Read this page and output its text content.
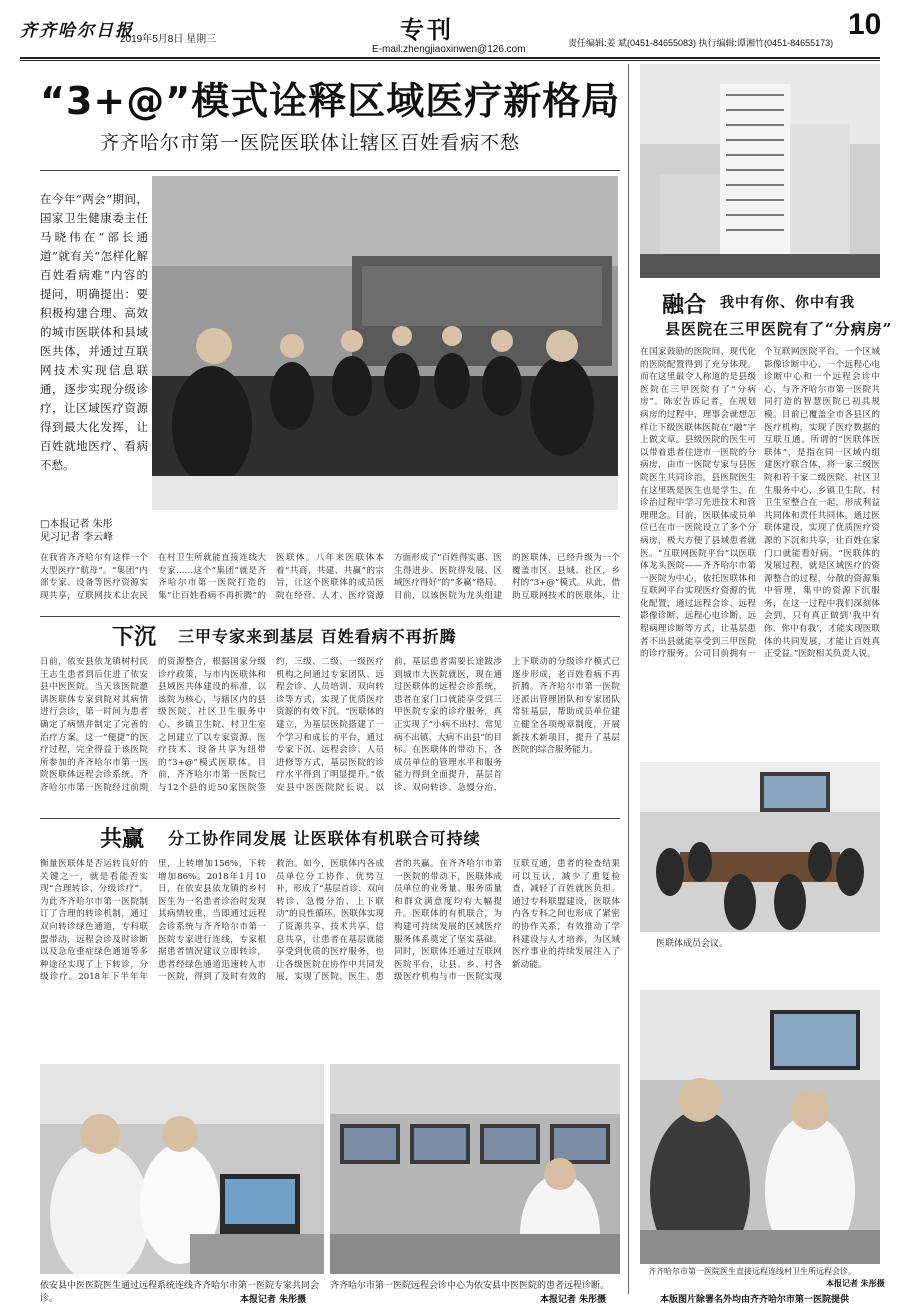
齐齐哈尔日报
2019年5月8日 星期三	专刊
E-mail:zhengjiaoxinwen@126.com
责任编辑:姜 斌(0451-84655083) 执行编辑:谭湘竹(0451-84655173)
10
“3+@”模式诠释区域医疗新格局
齐齐哈尔市第一医院医联体让辖区百姓看病不愁
在今年“两会”期间，国家卫生健康委主任马晓伟在“部长通道”就有关“怎样化解百姓看病难”内容的提问，明确提出：要积极构建合理、高效的城市医联体和县域医共体，并通过互联网技术实现信息联通，逐步实现分级诊疗，让区域医疗资源得到最大化发挥，让百姓就地医疗、看病不愁。
□本报记者 朱彤
见习记者 李云峰
在我省齐齐哈尔有这样一个大型医疗“航母”。“集团”内部专家、设备等医疗资源实现共享，互联网技术让农民在村卫生所就能直接连线大专家……这个“集团”就是齐齐哈尔市第一医院打造的集“让百姓看病不再折腾”的医联体。八年来医联体本着“共商、共建、共赢”的宗旨，让这个医联体的成员医院在经营、人才、医疗资源方面形成了“百姓得实惠、医生得进步、医院得发展、区域医疗得好”的“多赢”格局。目前，以该医院为龙头组建的医联体，已经升级为一个覆盖市区、县域、社区，乡村的“3+@”模式。从此，借助互联网技术的医联体，让
下沉 三甲专家来到基层 百姓看病不再折腾
日前，依安县依龙镇树村民王志生患者到后住进了依安县中医医院。当天该医院邀请医联体专家到院对其病情进行会诊，第一时间为患者确定了病情并制定了完善的治疗方案。这一“便捷”的医疗过程，完全得益于该医院所参加的齐齐哈尔市第一医院医联体远程会诊系统。齐齐哈尔市第一医院经过前期的资源整合，根据国家分级诊疗政策，与市内医联体和县域医共体建设的标准，以该院为核心，与辖区内的县级医院、社区卫生服务中心、乡镇卫生院、村卫生室之间建立了以专家资源、医疗技术、设备共享为纽带的“3+@”模式医联体。目前，齐齐哈尔市第一医院已与12个县的近50家医院签约，三级、二级、一级医疗机构之间通过专家团队、远程会诊、人员培训、双向转诊等方式，实现了优质医疗资源的有效下沉。“医联体的建立，为基层医院搭建了一个学习和成长的平台，通过专家下沉、远程会诊、人员进修等方式，基层医院的诊疗水平得到了明显提升。”依安县中医医院院长说。以前，基层患者需要长途跋涉到城市大医院就医，现在通过医联体的远程会诊系统，患者在家门口就能享受到三甲医院专家的诊疗服务，真正实现了“小病不出村、常见病不出镇、大病不出县”的目标。在医联体的带动下，各成员单位的管理水平和服务能力得到全面提升，基层首诊、双向转诊、急慢分治、上下联动的分级诊疗模式已逐步形成，老百姓看病不再折腾。齐齐哈尔市第一医院还派出管理团队和专家团队常驻基层，帮助成员单位建立健全各项规章制度，开展新技术新项目，提升了基层医院的综合服务能力。
共赢 分工协作同发展 让医联体有机联合可持续
衡量医联体是否运转良好的关键之一，就是看能否实现“合理转诊、分级诊疗”。为此齐齐哈尔市第一医院制订了合理的转诊机制，通过双向转诊绿色通道，专科联盟带动，远程会诊及时诊断以及急危重症绿色通道等多种途径实现了上下转诊，分级诊疗。2018年下半年年里，上转增加156%，下转增加86%。2018年1月10日，在依安县依龙镇的乡村医生为一名患者诊治时发现其病情较重，当即通过远程会诊系统与齐齐哈尔市第一医院专家进行连线，专家根据患者情况建议立即转诊，患者经绿色通道迅速转入市一医院，得到了及时有效的救治。如今，医联体内各成员单位分工协作、优势互补，形成了“基层首诊、双向转诊、急慢分治、上下联动”的良性循环。医联体实现了资源共享、技术共享、信息共享，让患者在基层就能享受到优质的医疗服务，也让各级医院在协作中共同发展，实现了医院、医生、患者的共赢。在齐齐哈尔市第一医院的带动下，医联体成员单位的业务量、服务质量和群众满意度均有大幅提升。医联体的有机联合，为构建可持续发展的区域医疗服务体系奠定了坚实基础。同时，医联体还通过互联网医院平台，让县、乡、村各级医疗机构与市一医院实现互联互通，患者的检查结果可以互认，减少了重复检查，减轻了百姓就医负担。通过专科联盟建设，医联体内各专科之间也形成了紧密的协作关系，有效推动了学科建设与人才培养，为区域医疗事业的持续发展注入了新动能。
依安县中医医院医生通过远程系统连线齐齐哈尔市第一医院专家共同会诊。	本报记者 朱彤摄
齐齐哈尔市第一医院远程会诊中心为依安县中医医院的患者远程诊断。
本报记者 朱彤摄
融合 我中有你、你中有我
县医院在三甲医院有了“分病房”
在国家鼓励的医院间、现代化的医院配置得到了充分体现。而在这里最令人称道的是县级医院在三甲医院有了“分病房”。陈宏告诉记者，在规划病房的过程中，理事会就想怎样让下级医联体医院在“融”字上做文章。县级医院的医生可以带着患者住进市一医院的分病房，由市一医院专家与县医院医生共同诊治，县医院医生在这里既是医生也是学生，在诊治过程中学习先进技术和管理理念。目前，医联体成员单位已在市一医院设立了多个分病房，极大方便了县域患者就医。“互联网医院平台”以医联体龙头医院——齐齐哈尔市第一医院为中心，依托医联体和互联网平台实现医疗资源的优化配置，通过远程会诊、远程影像诊断、远程心电诊断、远程病理诊断等方式，让基层患者不出县就能享受到三甲医院的诊疗服务。公司目前拥有一个互联网医院平台，一个区域影像诊断中心、一个远程心电诊断中心和一个远程会诊中心，与齐齐哈尔市第一医院共同打造的智慧医院已初具规模。目前已覆盖全市各县区的医疗机构，实现了医疗数据的互联互通。所谓的“医联体医联体”，是指在同一区域内组建医疗联合体，将一家三级医院和若干家二级医院、社区卫生服务中心、乡镇卫生院、村卫生室整合在一起，形成利益共同体和责任共同体。通过医联体建设，实现了优质医疗资源的下沉和共享，让百姓在家门口就能看好病。“医联体的发展过程，就是区域医疗的资源整合的过程，分散的资源集中管理，集中的资源下沉服务，在这一过程中我们深刻体会到，只有真正做到‘我中有你、你中有我’，才能实现医联体的共同发展，才能让百姓真正受益。”医院相关负责人说。
医联体成员会议。
齐齐哈尔市第一医院医生直接远程连线村卫生所远程会诊。
本报记者 朱彤摄
本版图片除署名外均由齐齐哈尔市第一医院提供
